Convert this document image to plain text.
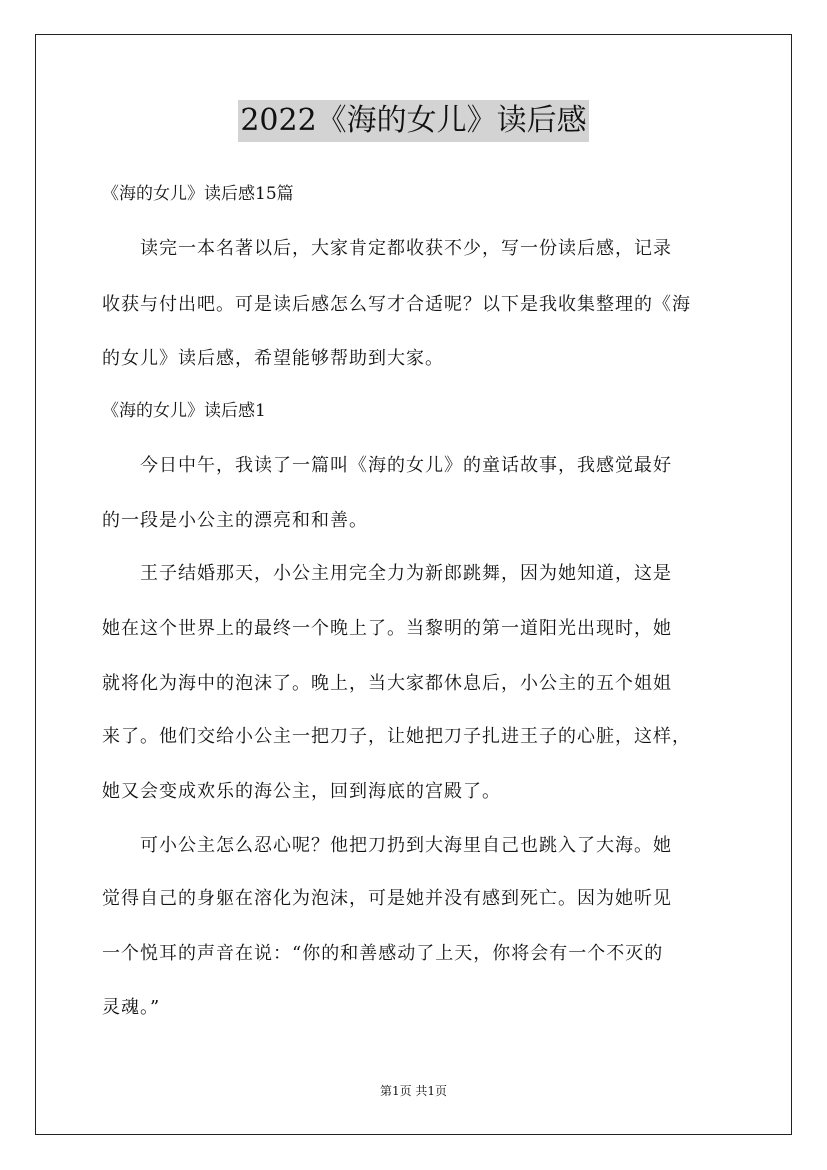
2022《海的女儿》读后感
《海的女儿》读后感15篇
读完一本名著以后，大家肯定都收获不少，写一份读后感，记录
收获与付出吧。可是读后感怎么写才合适呢？以下是我收集整理的《海
的女儿》读后感，希望能够帮助到大家。
《海的女儿》读后感1
今日中午，我读了一篇叫《海的女儿》的童话故事，我感觉最好
的一段是小公主的漂亮和和善。
王子结婚那天，小公主用完全力为新郎跳舞，因为她知道，这是
她在这个世界上的最终一个晚上了。当黎明的第一道阳光出现时，她
就将化为海中的泡沫了。晚上，当大家都休息后，小公主的五个姐姐
来了。他们交给小公主一把刀子，让她把刀子扎进王子的心脏，这样，
她又会变成欢乐的海公主，回到海底的宫殿了。
可小公主怎么忍心呢？他把刀扔到大海里自己也跳入了大海。她
觉得自己的身躯在溶化为泡沫，可是她并没有感到死亡。因为她听见
一个悦耳的声音在说：“你的和善感动了上天，你将会有一个不灭的
灵魂。”
第1页 共1页
